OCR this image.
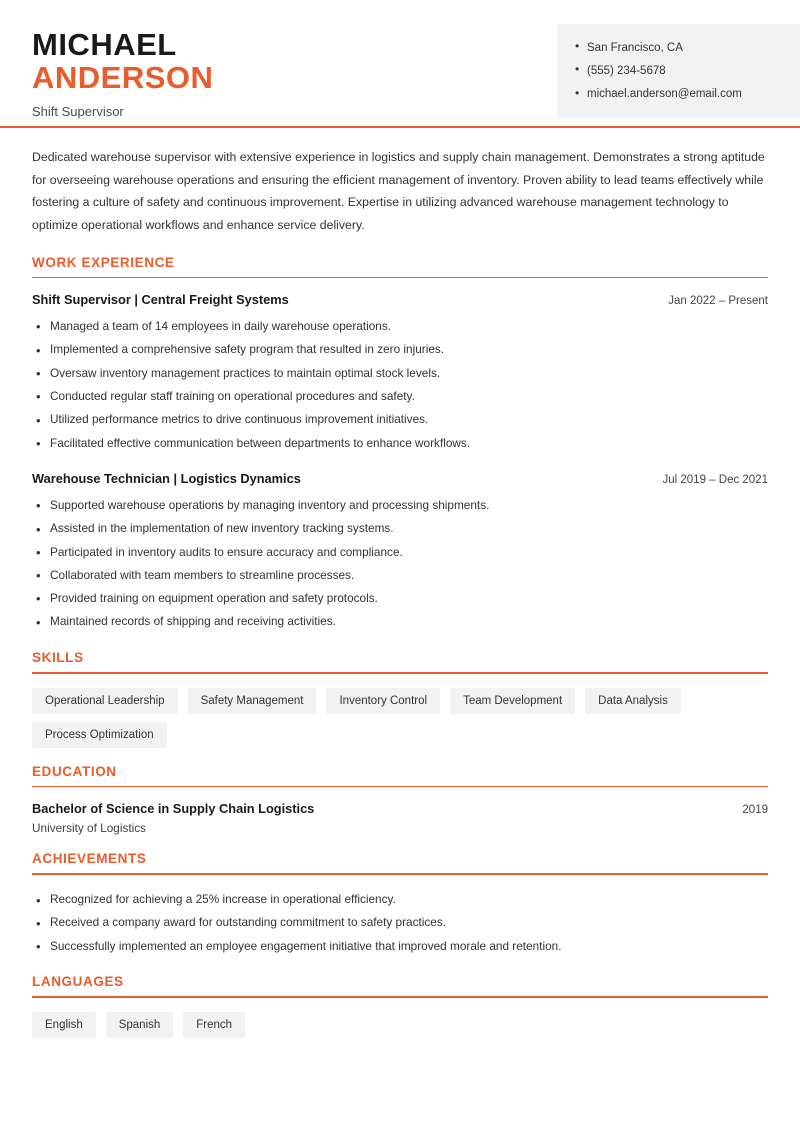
MICHAEL
ANDERSON
Shift Supervisor
• San Francisco, CA
• (555) 234-5678
• michael.anderson@email.com
Dedicated warehouse supervisor with extensive experience in logistics and supply chain management. Demonstrates a strong aptitude for overseeing warehouse operations and ensuring the efficient management of inventory. Proven ability to lead teams effectively while fostering a culture of safety and continuous improvement. Expertise in utilizing advanced warehouse management technology to optimize operational workflows and enhance service delivery.
WORK EXPERIENCE
Shift Supervisor | Central Freight Systems	Jan 2022 – Present
• Managed a team of 14 employees in daily warehouse operations.
• Implemented a comprehensive safety program that resulted in zero injuries.
• Oversaw inventory management practices to maintain optimal stock levels.
• Conducted regular staff training on operational procedures and safety.
• Utilized performance metrics to drive continuous improvement initiatives.
• Facilitated effective communication between departments to enhance workflows.
Warehouse Technician | Logistics Dynamics	Jul 2019 – Dec 2021
• Supported warehouse operations by managing inventory and processing shipments.
• Assisted in the implementation of new inventory tracking systems.
• Participated in inventory audits to ensure accuracy and compliance.
• Collaborated with team members to streamline processes.
• Provided training on equipment operation and safety protocols.
• Maintained records of shipping and receiving activities.
SKILLS
Operational Leadership	Safety Management	Inventory Control	Team Development	Data Analysis
Process Optimization
EDUCATION
Bachelor of Science in Supply Chain Logistics	2019
University of Logistics
ACHIEVEMENTS
• Recognized for achieving a 25% increase in operational efficiency.
• Received a company award for outstanding commitment to safety practices.
• Successfully implemented an employee engagement initiative that improved morale and retention.
LANGUAGES
English	Spanish	French
